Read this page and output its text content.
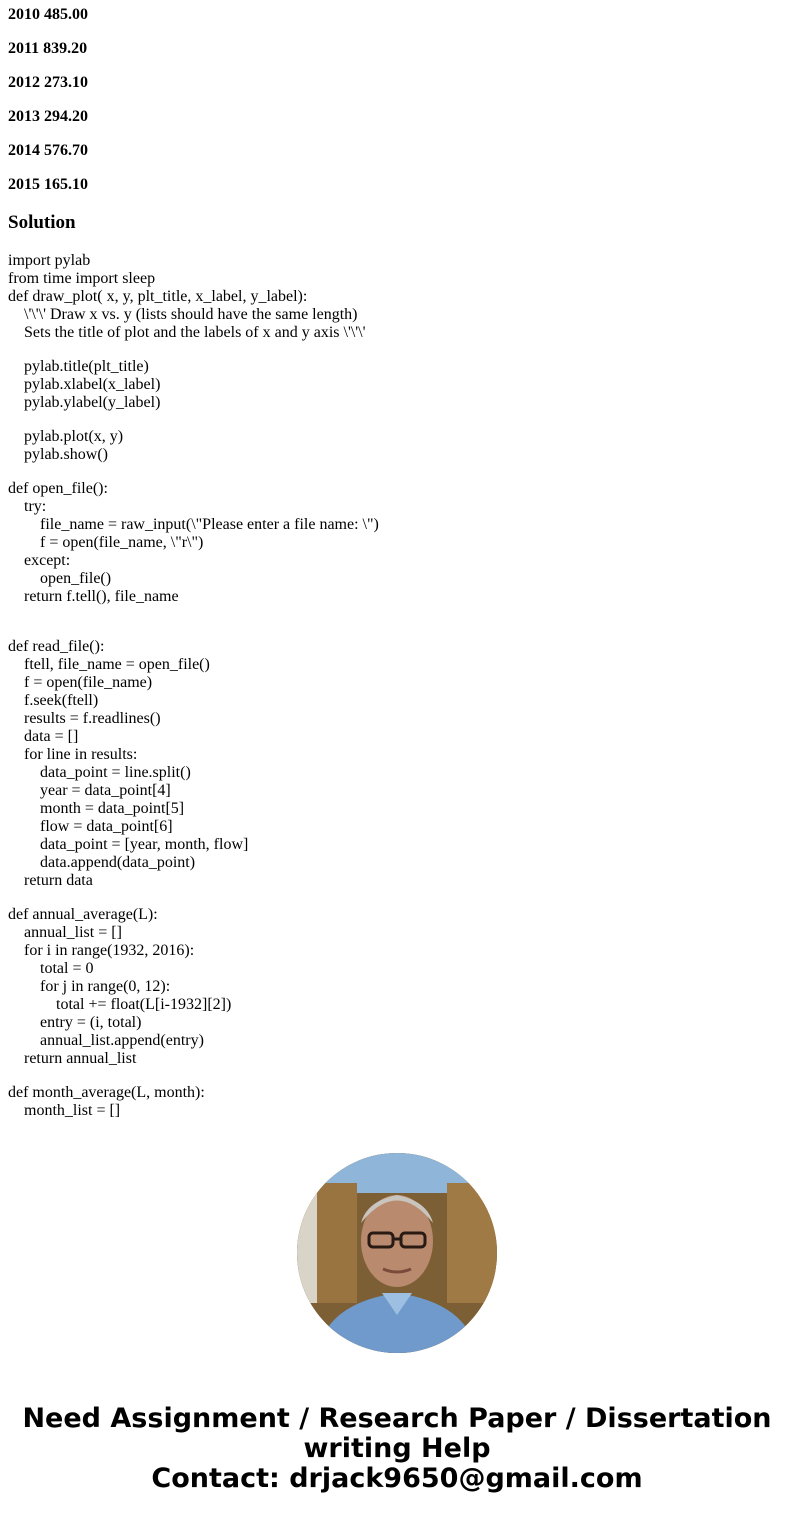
2010 485.00

2011 839.20

2012 273.10

2013 294.20

2014 576.70

2015 165.10

Solution
import pylab
from time import sleep
def draw_plot( x, y, plt_title, x_label, y_label):
\'\'\' Draw x vs. y (lists should have the same length)
Sets the title of plot and the labels of x and y axis \'\'\'
pylab.title(plt_title)
pylab.xlabel(x_label)
pylab.ylabel(y_label)
pylab.plot(x, y)
pylab.show()
def open_file():
try:
file_name = raw_input(\"Please enter a file name: \")
f = open(file_name, \"r\")
except:
open_file()
return f.tell(), file_name
def read_file():
ftell, file_name = open_file()
f = open(file_name)
f.seek(ftell)
results = f.readlines()
data = []
for line in results:
data_point = line.split()
year = data_point[4]
month = data_point[5]
flow = data_point[6]
data_point = [year, month, flow]
data.append(data_point)
return data
def annual_average(L):
annual_list = []
for i in range(1932, 2016):
total = 0
for j in range(0, 12):
total += float(L[i-1932][2])
entry = (i, total)
annual_list.append(entry)
return annual_list
def month_average(L, month):
month_list = []
Need Assignment / Research Paper / Dissertation
writing Help
Contact: drjack9650@gmail.com
